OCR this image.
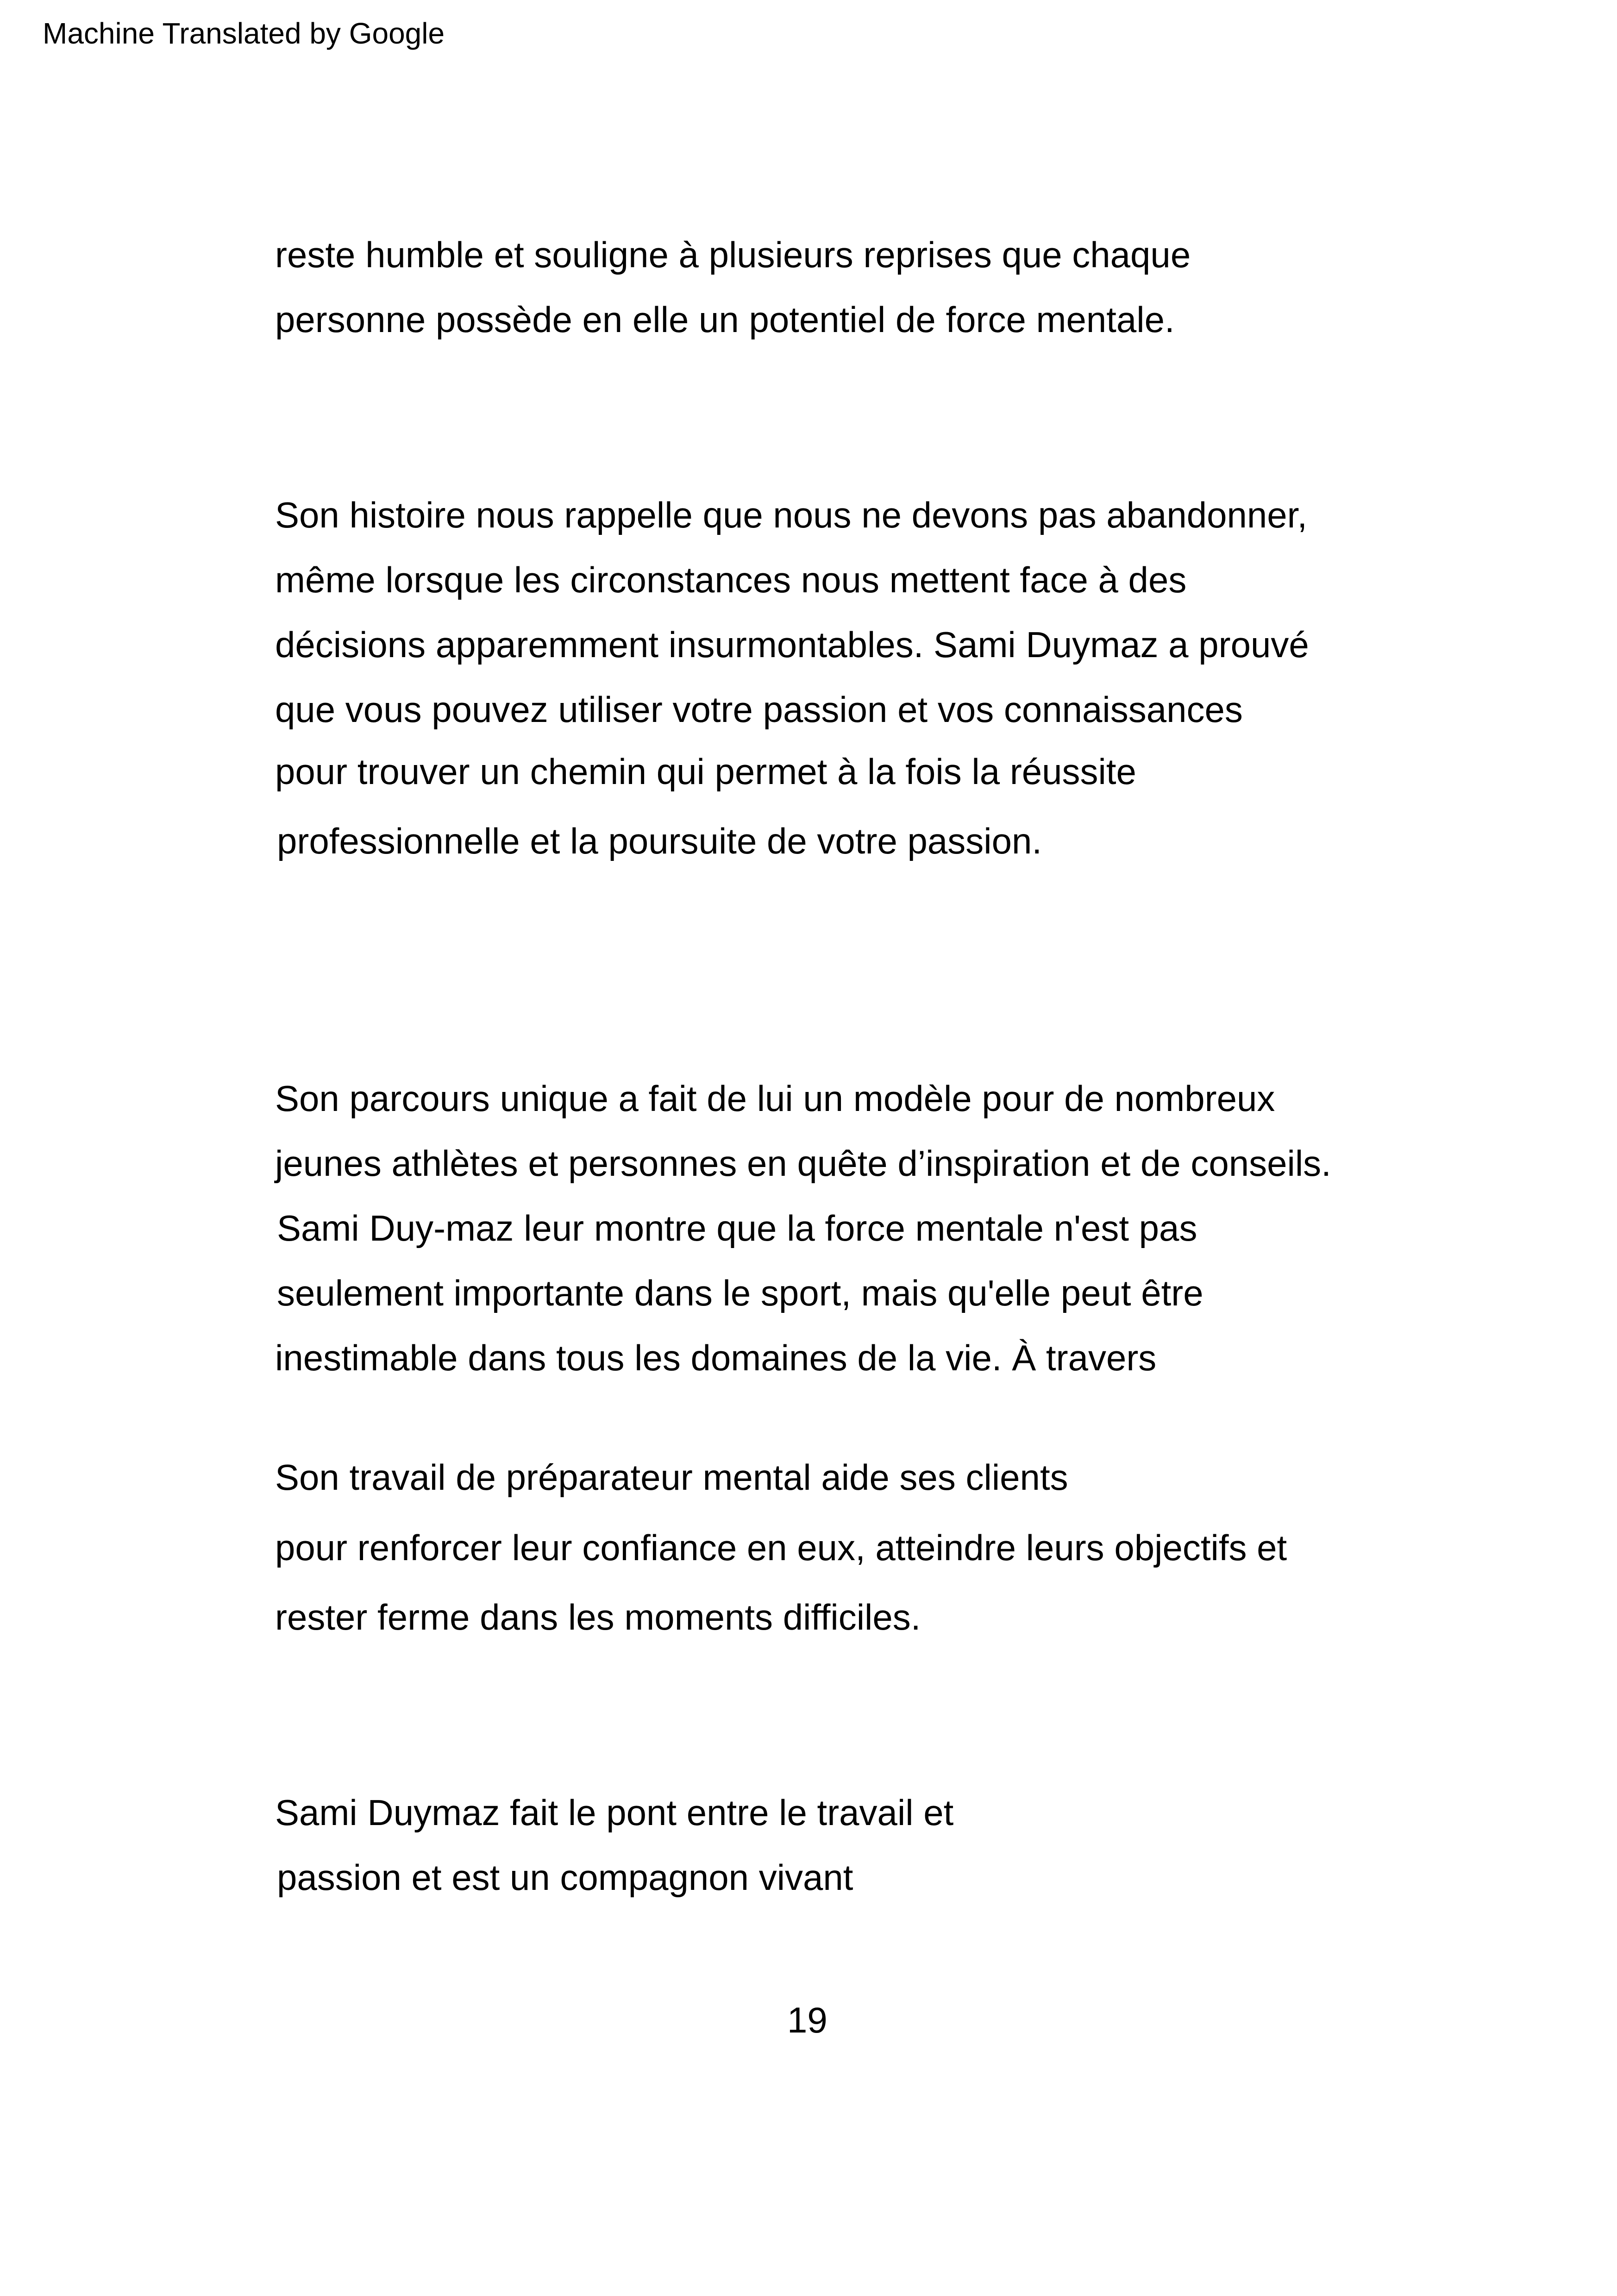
Machine Translated by Google
reste humble et souligne à plusieurs reprises que chaque
personne possède en elle un potentiel de force mentale.
Son histoire nous rappelle que nous ne devons pas abandonner,
même lorsque les circonstances nous mettent face à des
décisions apparemment insurmontables. Sami Duymaz a prouvé
que vous pouvez utiliser votre passion et vos connaissances
pour trouver un chemin qui permet à la fois la réussite
professionnelle et la poursuite de votre passion.
Son parcours unique a fait de lui un modèle pour de nombreux
jeunes athlètes et personnes en quête d’inspiration et de conseils.
Sami Duy-maz leur montre que la force mentale n'est pas
seulement importante dans le sport, mais qu'elle peut être
inestimable dans tous les domaines de la vie. À travers
Son travail de préparateur mental aide ses clients
pour renforcer leur confiance en eux, atteindre leurs objectifs et
rester ferme dans les moments difficiles.
Sami Duymaz fait le pont entre le travail et
passion et est un compagnon vivant
19
